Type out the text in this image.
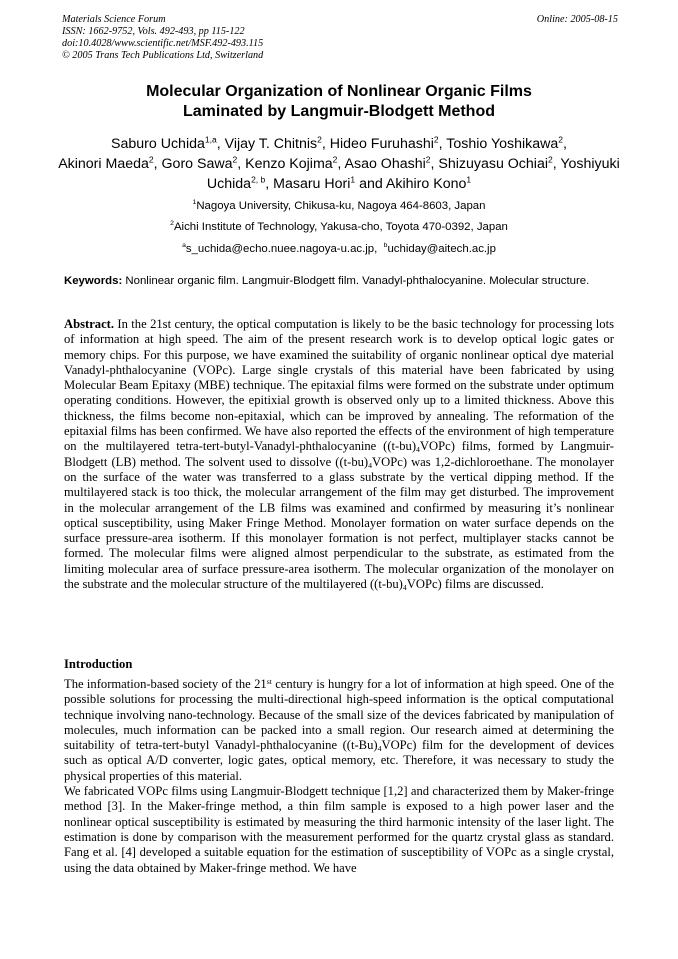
Materials Science Forum
ISSN: 1662-9752, Vols. 492-493, pp 115-122
doi:10.4028/www.scientific.net/MSF.492-493.115
© 2005 Trans Tech Publications Ltd, Switzerland
Online: 2005-08-15
Molecular Organization of Nonlinear Organic Films
Laminated by Langmuir-Blodgett Method
Saburo Uchida$^{1,a}$, Vijay T. Chitnis$^2$, Hideo Furuhashi$^2$, Toshio Yoshikawa$^2$,
Akinori Maeda$^2$, Goro Sawa$^2$, Kenzo Kojima$^2$, Asao Ohashi$^2$, Shizuyasu Ochiai$^2$, Yoshiyuki Uchida$^{2, b}$, Masaru Hori$^1$ and Akihiro Kono$^1$
$^1$Nagoya University, Chikusa-ku, Nagoya 464-8603, Japan
$^2$Aichi Institute of Technology, Yakusa-cho, Toyota 470-0392, Japan
$^a$s_uchida@echo.nuee.nagoya-u.ac.jp,  $^b$uchiday@aitech.ac.jp
Keywords: Nonlinear organic film. Langmuir-Blodgett film. Vanadyl-phthalocyanine. Molecular structure.
Abstract. In the 21st century, the optical computation is likely to be the basic technology for processing lots of information at high speed. The aim of the present research work is to develop optical logic gates or memory chips. For this purpose, we have examined the suitability of organic nonlinear optical dye material Vanadyl-phthalocyanine (VOPc). Large single crystals of this material have been fabricated by using Molecular Beam Epitaxy (MBE) technique. The epitaxial films were formed on the substrate under optimum operating conditions. However, the epitixial growth is observed only up to a limited thickness. Above this thickness, the films become non-epitaxial, which can be improved by annealing. The reformation of the epitaxial films has been confirmed. We have also reported the effects of the environment of high temperature on the multilayered tetra-tert-butyl-Vanadyl-phthalocyanine $((t-bu)_4VOPc)$ films, formed by Langmuir-Blodgett (LB) method. The solvent used to dissolve $((t-bu)_4VOPc)$ was 1,2-dichloroethane. The monolayer on the surface of the water was transferred to a glass substrate by the vertical dipping method. If the multilayered stack is too thick, the molecular arrangement of the film may get disturbed. The improvement in the molecular arrangement of the LB films was examined and confirmed by measuring it’s nonlinear optical susceptibility, using Maker Fringe Method. Monolayer formation on water surface depends on the surface pressure-area isotherm. If this monolayer formation is not perfect, multiplayer stacks cannot be formed. The molecular films were aligned almost perpendicular to the substrate, as estimated from the limiting molecular area of surface pressure-area isotherm. The molecular organization of the monolayer on the substrate and the molecular structure of the multilayered $((t-bu)_4VOPc)$ films are discussed.
Introduction

The information-based society of the 21st century is hungry for a lot of information at high speed. One of the possible solutions for processing the multi-directional high-speed information is the optical computational technique involving nano-technology. Because of the small size of the devices fabricated by manipulation of molecules, much information can be packed into a small region. Our research aimed at determining the suitability of tetra-tert-butyl Vanadyl-phthalocyanine $((t-Bu)_4VOPc)$ film for the development of devices such as optical A/D converter, logic gates, optical memory, etc. Therefore, it was necessary to study the physical properties of this material.

We fabricated VOPc films using Langmuir-Blodgett technique [1,2] and characterized them by Maker-fringe method [3]. In the Maker-fringe method, a thin film sample is exposed to a high power laser and the nonlinear optical susceptibility is estimated by measuring the third harmonic intensity of the laser light. The estimation is done by comparison with the measurement performed for the quartz crystal glass as standard. Fang et al. [4] developed a suitable equation for the estimation of susceptibility of VOPc as a single crystal, using the data obtained by Maker-fringe method. We have
